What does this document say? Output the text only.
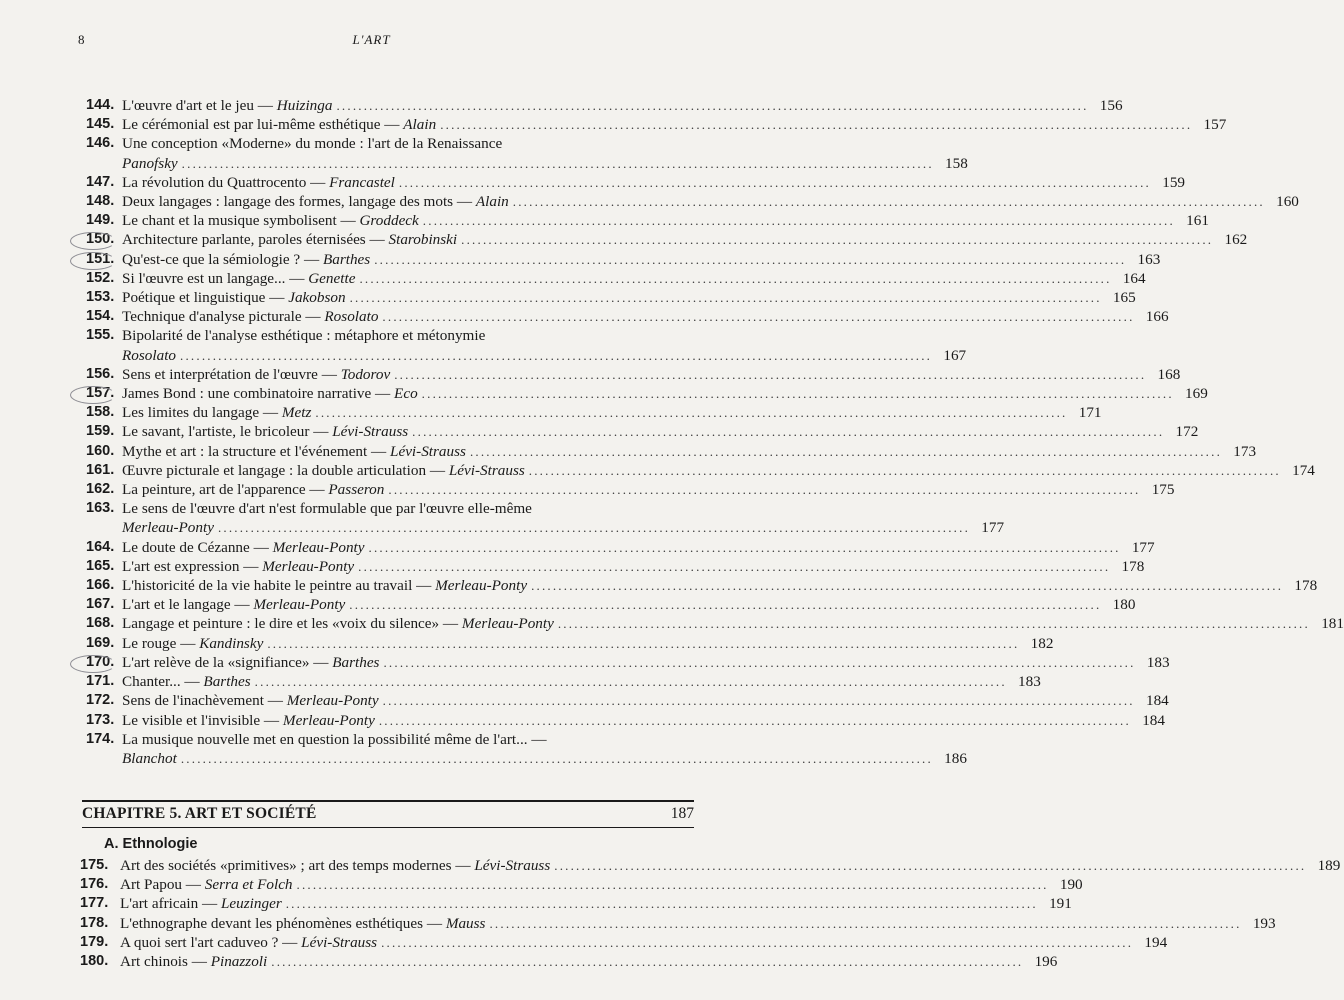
8	L'ART
144. L'œuvre d'art et le jeu — Huizinga .......................................................................................................................................... 156
145. Le cérémonial est par lui-même esthétique — Alain .......................................................................................................................................... 157
146. Une conception «Moderne» du monde : l'art de la Renaissance
Panofsky .......................................................................................................................................... 158
147. La révolution du Quattrocento — Francastel .......................................................................................................................................... 159
148. Deux langages : langage des formes, langage des mots — Alain .......................................................................................................................................... 160
149. Le chant et la musique symbolisent — Groddeck .......................................................................................................................................... 161
150. Architecture parlante, paroles éternisées — Starobinski .......................................................................................................................................... 162
151. Qu'est-ce que la sémiologie ? — Barthes .......................................................................................................................................... 163
152. Si l'œuvre est un langage... — Genette .......................................................................................................................................... 164
153. Poétique et linguistique — Jakobson .......................................................................................................................................... 165
154. Technique d'analyse picturale — Rosolato .......................................................................................................................................... 166
155. Bipolarité de l'analyse esthétique : métaphore et métonymie
Rosolato .......................................................................................................................................... 167
156. Sens et interprétation de l'œuvre — Todorov .......................................................................................................................................... 168
157. James Bond : une combinatoire narrative — Eco .......................................................................................................................................... 169
158. Les limites du langage — Metz .......................................................................................................................................... 171
159. Le savant, l'artiste, le bricoleur — Lévi-Strauss .......................................................................................................................................... 172
160. Mythe et art : la structure et l'événement — Lévi-Strauss .......................................................................................................................................... 173
161. Œuvre picturale et langage : la double articulation — Lévi-Strauss .......................................................................................................................................... 174
162. La peinture, art de l'apparence — Passeron .......................................................................................................................................... 175
163. Le sens de l'œuvre d'art n'est formulable que par l'œuvre elle-même
Merleau-Ponty .......................................................................................................................................... 177
164. Le doute de Cézanne — Merleau-Ponty .......................................................................................................................................... 177
165. L'art est expression — Merleau-Ponty .......................................................................................................................................... 178
166. L'historicité de la vie habite le peintre au travail — Merleau-Ponty .......................................................................................................................................... 178
167. L'art et le langage — Merleau-Ponty .......................................................................................................................................... 180
168. Langage et peinture : le dire et les «voix du silence» — Merleau-Ponty .......................................................................................................................................... 181
169. Le rouge — Kandinsky .......................................................................................................................................... 182
170. L'art relève de la «signifiance» — Barthes .......................................................................................................................................... 183
171. Chanter... — Barthes .......................................................................................................................................... 183
172. Sens de l'inachèvement — Merleau-Ponty .......................................................................................................................................... 184
173. Le visible et l'invisible — Merleau-Ponty .......................................................................................................................................... 184
174. La musique nouvelle met en question la possibilité même de l'art... —
Blanchot .......................................................................................................................................... 186
CHAPITRE 5. ART ET SOCIÉTÉ	187
A. Ethnologie
175. Art des sociétés «primitives» ; art des temps modernes — Lévi-Strauss .......................................................................................................................................... 189
176. Art Papou — Serra et Folch .......................................................................................................................................... 190
177. L'art africain — Leuzinger .......................................................................................................................................... 191
178. L'ethnographe devant les phénomènes esthétiques — Mauss .......................................................................................................................................... 193
179. A quoi sert l'art caduveo ? — Lévi-Strauss .......................................................................................................................................... 194
180. Art chinois — Pinazzoli .......................................................................................................................................... 196
